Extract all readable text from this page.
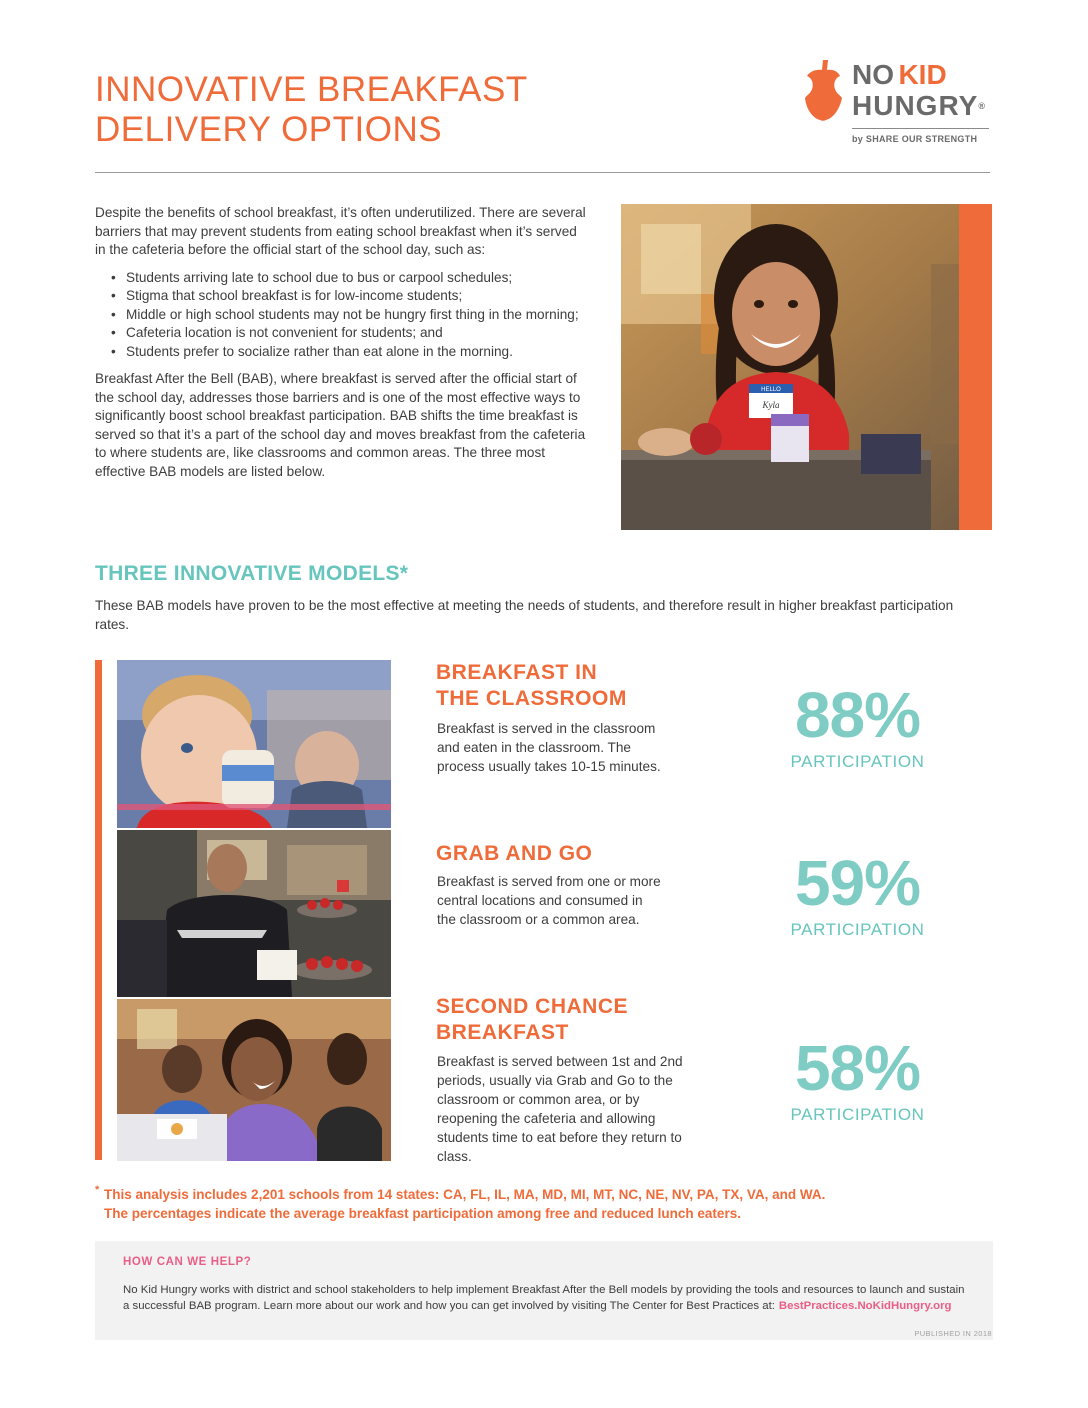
INNOVATIVE BREAKFAST
DELIVERY OPTIONS
NO KID
HUNGRY®
by SHARE OUR STRENGTH

Despite the benefits of school breakfast, it’s often underutilized. There are several barriers that may prevent students from eating school breakfast when it’s served in the cafeteria before the official start of the school day, such as:

• Students arriving late to school due to bus or carpool schedules;
• Stigma that school breakfast is for low-income students;
• Middle or high school students may not be hungry first thing in the morning;
• Cafeteria location is not convenient for students; and
• Students prefer to socialize rather than eat alone in the morning.

Breakfast After the Bell (BAB), where breakfast is served after the official start of the school day, addresses those barriers and is one of the most effective ways to significantly boost school breakfast participation. BAB shifts the time breakfast is served so that it’s a part of the school day and moves breakfast from the cafeteria to where students are, like classrooms and common areas. The three most effective BAB models are listed below.

HELLO
Kyla
THREE INNOVATIVE MODELS*

These BAB models have proven to be the most effective at meeting the needs of students, and therefore result in higher breakfast participation rates.

BREAKFAST IN
THE CLASSROOM

Breakfast is served in the classroom and eaten in the classroom. The process usually takes 10-15 minutes.

88%
PARTICIPATION
GRAB AND GO

Breakfast is served from one or more central locations and consumed in the classroom or a common area.

59%
PARTICIPATION
SECOND CHANCE
BREAKFAST

Breakfast is served between 1st and 2nd periods, usually via Grab and Go to the classroom or common area, or by reopening the cafeteria and allowing students time to eat before they return to class.

58%
PARTICIPATION
* This analysis includes 2,201 schools from 14 states: CA, FL, IL, MA, MD, MI, MT, NC, NE, NV, PA, TX, VA, and WA.
The percentages indicate the average breakfast participation among free and reduced lunch eaters.
HOW CAN WE HELP?

No Kid Hungry works with district and school stakeholders to help implement Breakfast After the Bell models by providing the tools and resources to launch and sustain a successful BAB program. Learn more about our work and how you can get involved by visiting The Center for Best Practices at: BestPractices.NoKidHungry.org

PUBLISHED IN 2018
